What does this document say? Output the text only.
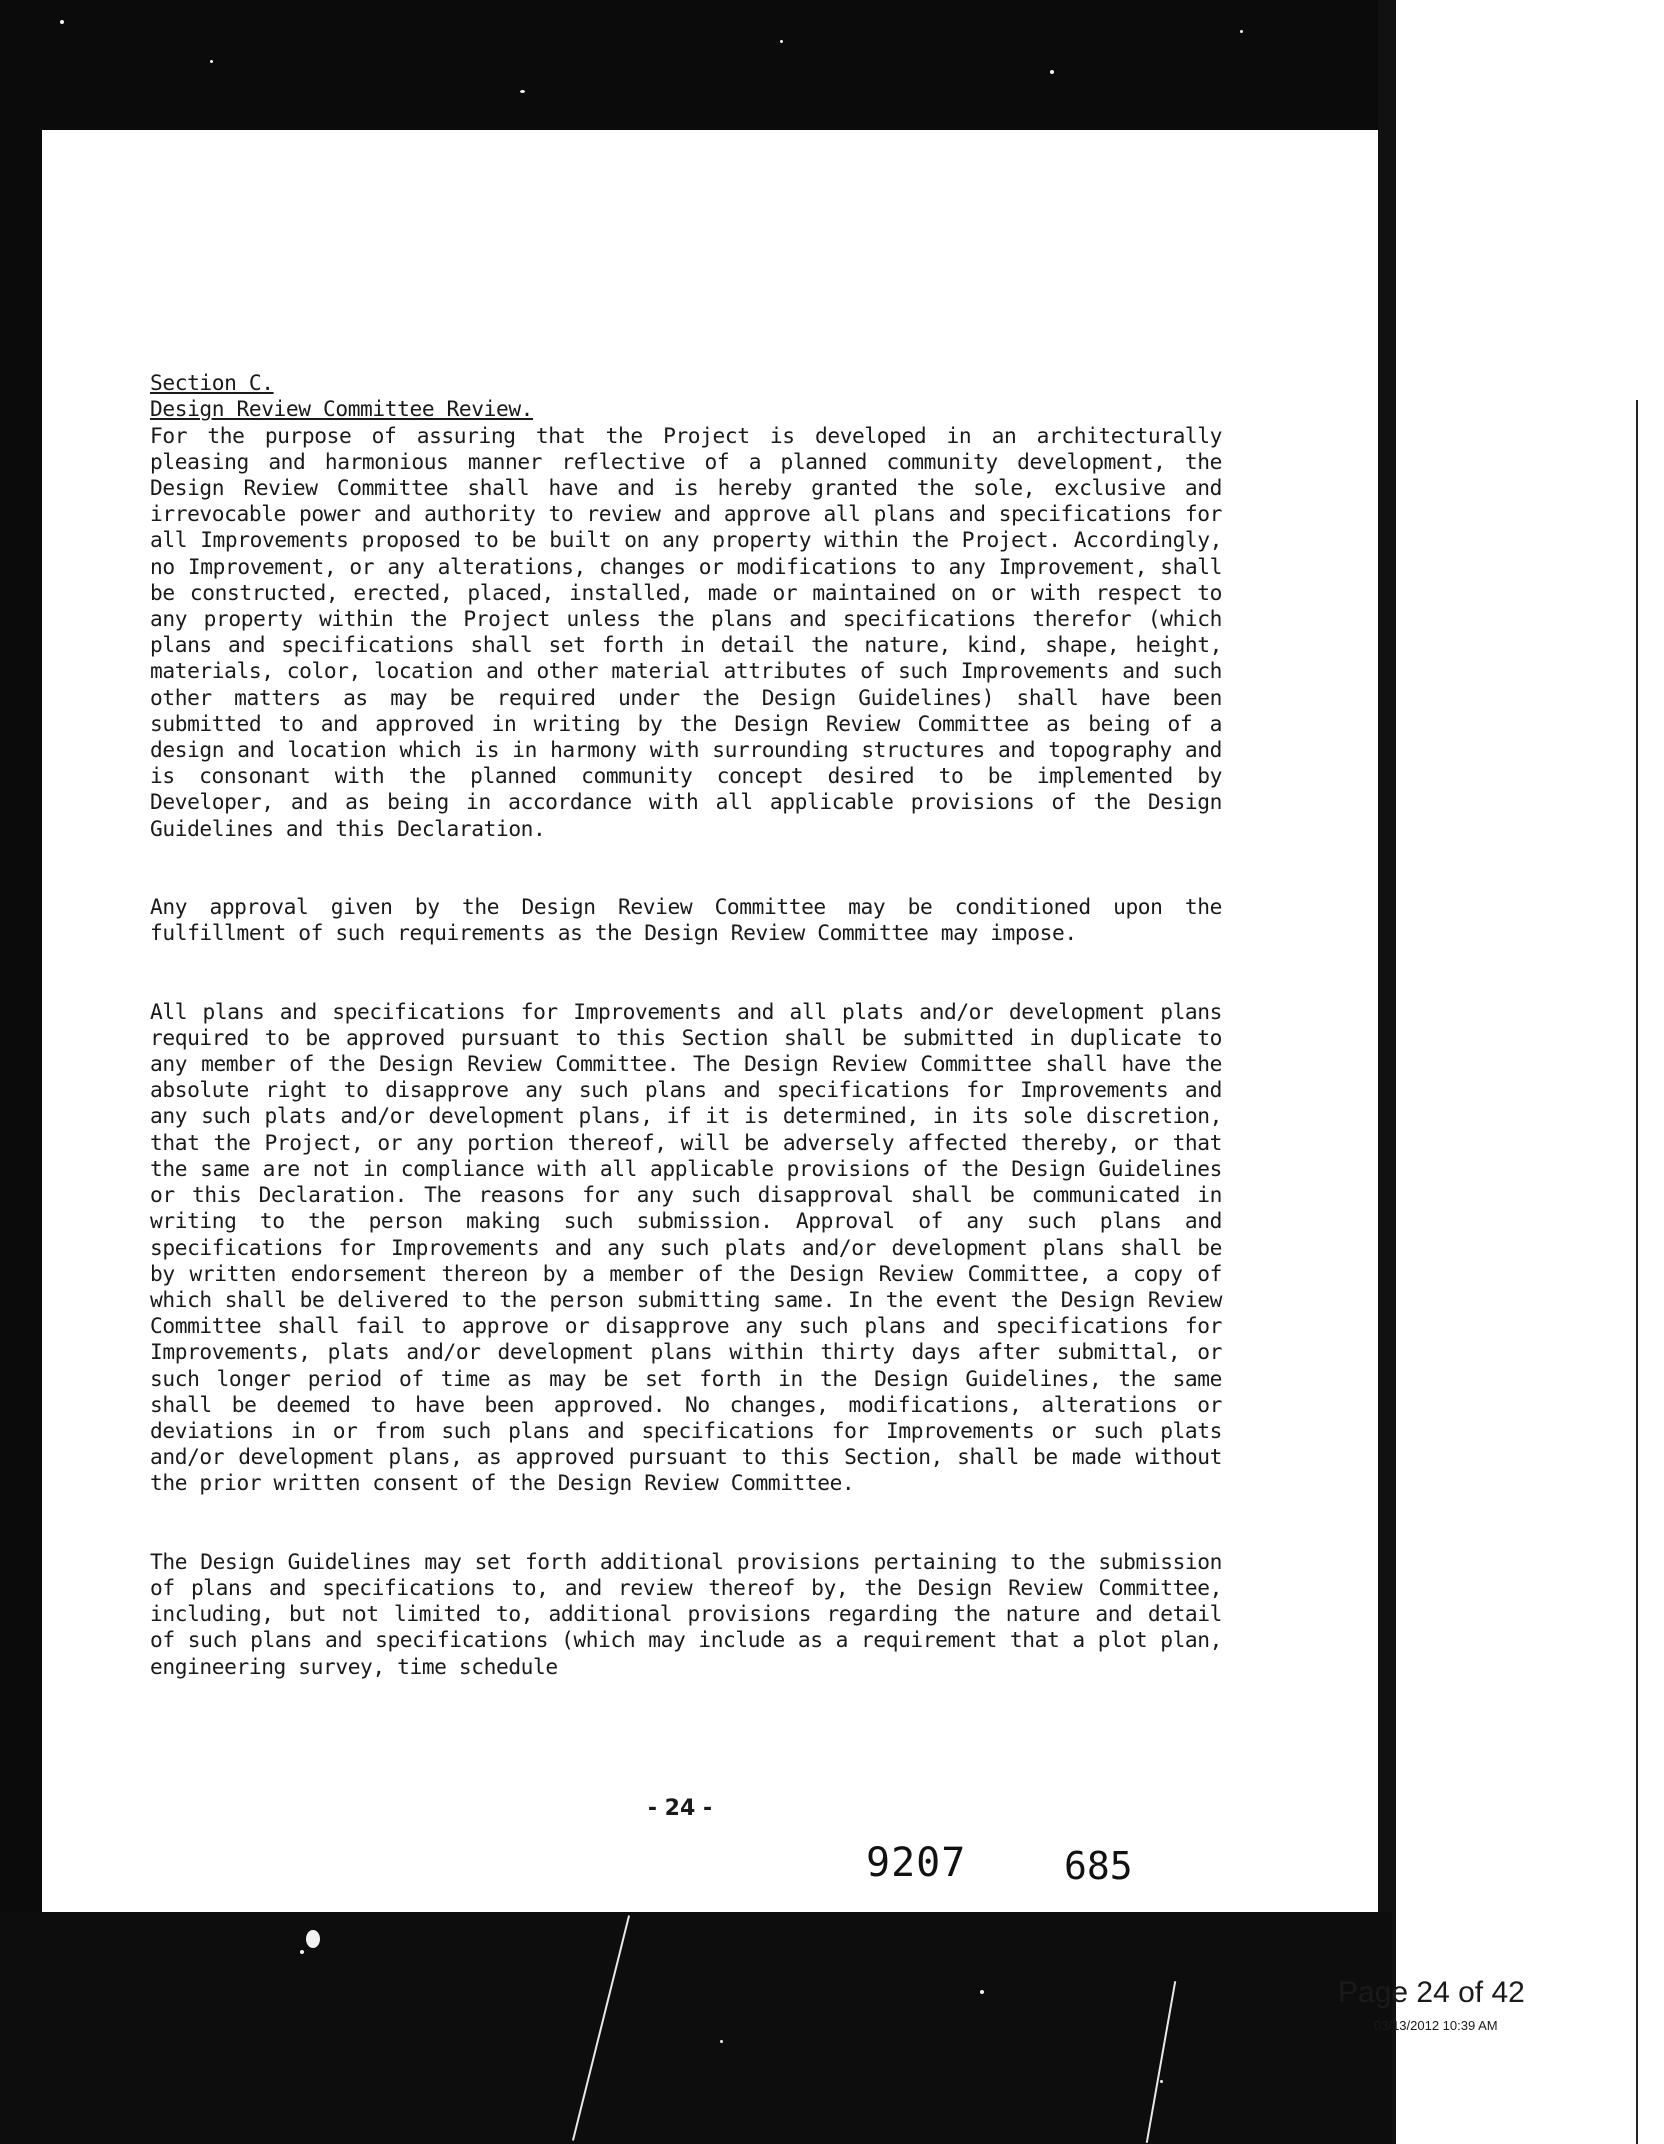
Section C.
Design Review Committee Review.
For the purpose of assuring that the Project is developed in an architecturally pleasing and harmonious manner reflective of a planned community development, the Design Review Committee shall have and is hereby granted the sole, exclusive and irrevocable power and authority to review and approve all plans and specifications for all Improvements proposed to be built on any property within the Project. Accordingly, no Improvement, or any alterations, changes or modifications to any Improvement, shall be constructed, erected, placed, installed, made or maintained on or with respect to any property within the Project unless the plans and specifications therefor (which plans and specifications shall set forth in detail the nature, kind, shape, height, materials, color, location and other material attributes of such Improvements and such other matters as may be required under the Design Guidelines) shall have been submitted to and approved in writing by the Design Review Committee as being of a design and location which is in harmony with surrounding structures and topography and is consonant with the planned community concept desired to be implemented by Developer, and as being in accordance with all applicable provisions of the Design Guidelines and this Declaration.

Any approval given by the Design Review Committee may be conditioned upon the fulfillment of such requirements as the Design Review Committee may impose.

All plans and specifications for Improvements and all plats and/or development plans required to be approved pursuant to this Section shall be submitted in duplicate to any member of the Design Review Committee. The Design Review Committee shall have the absolute right to disapprove any such plans and specifications for Improvements and any such plats and/or development plans, if it is determined, in its sole discretion, that the Project, or any portion thereof, will be adversely affected thereby, or that the same are not in compliance with all applicable provisions of the Design Guidelines or this Declaration. The reasons for any such disapproval shall be communicated in writing to the person making such submission. Approval of any such plans and specifications for Improvements and any such plats and/or development plans shall be by written endorsement thereon by a member of the Design Review Committee, a copy of which shall be delivered to the person submitting same. In the event the Design Review Committee shall fail to approve or disapprove any such plans and specifications for Improvements, plats and/or development plans within thirty days after submittal, or such longer period of time as may be set forth in the Design Guidelines, the same shall be deemed to have been approved. No changes, modifications, alterations or deviations in or from such plans and specifications for Improvements or such plats and/or development plans, as approved pursuant to this Section, shall be made without the prior written consent of the Design Review Committee.

The Design Guidelines may set forth additional provisions pertaining to the submission of plans and specifications to, and review thereof by, the Design Review Committee, including, but not limited to, additional provisions regarding the nature and detail of such plans and specifications (which may include as a requirement that a plot plan, engineering survey, time schedule

- 24 -
9207	685
Page 24 of 42
03/13/2012 10:39 AM
